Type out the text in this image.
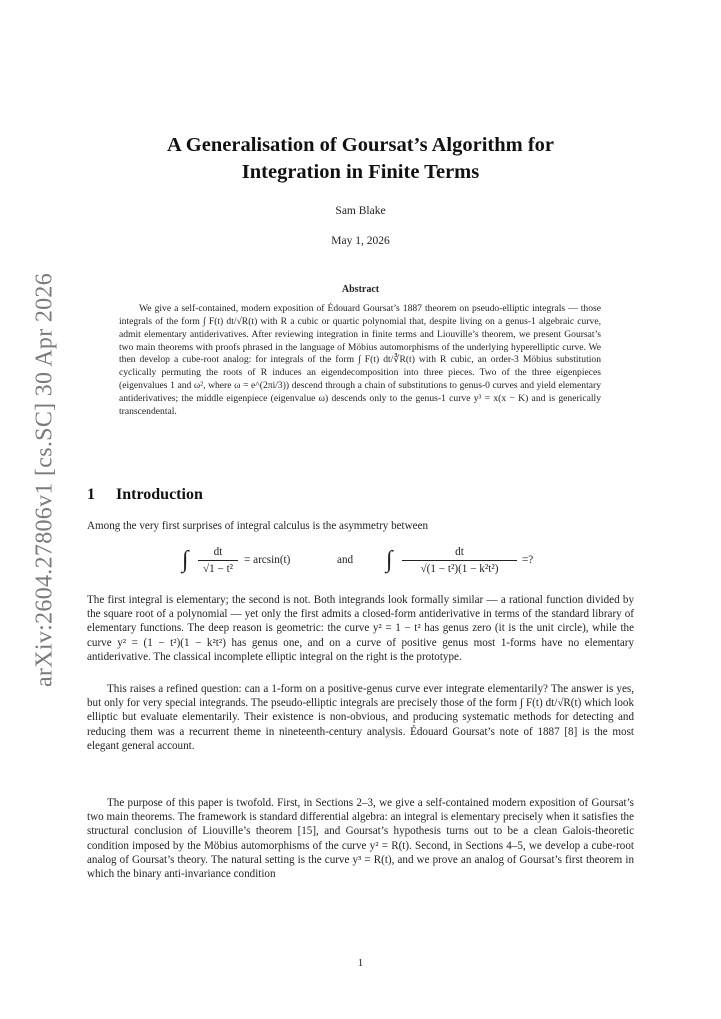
arXiv:2604.27806v1 [cs.SC] 30 Apr 2026
A Generalisation of Goursat’s Algorithm for
Integration in Finite Terms
Sam Blake
May 1, 2026
Abstract
We give a self-contained, modern exposition of Édouard Goursat’s 1887 theorem on pseudo-elliptic integrals — those integrals of the form ∫ F(t) dt/√R(t) with R a cubic or quartic polynomial that, despite living on a genus-1 algebraic curve, admit elementary antiderivatives. After reviewing integration in finite terms and Liouville’s theorem, we present Goursat’s two main theorems with proofs phrased in the language of Möbius automorphisms of the underlying hyperelliptic curve. We then develop a cube-root analog: for integrals of the form ∫ F(t) dt/∛R(t) with R cubic, an order-3 Möbius substitution cyclically permuting the roots of R induces an eigendecomposition into three pieces. Two of the three eigenpieces (eigenvalues 1 and ω², where ω = e^(2πi/3)) descend through a chain of substitutions to genus-0 curves and yield elementary antiderivatives; the middle eigenpiece (eigenvalue ω) descends only to the genus-1 curve y³ = x(x − K) and is generically transcendental.
1 Introduction
Among the very first surprises of integral calculus is the asymmetry between
∫ $\frac{dt}{\text{√1 − t²}} = \arcsin(t)$	and	∫ $\frac{dt}{\text{√(1 − t²)(1 − k²t²)}}$ =?
The first integral is elementary; the second is not. Both integrands look formally similar — a rational function divided by the square root of a polynomial — yet only the first admits a closed-form antiderivative in terms of the standard library of elementary functions. The deep reason is geometric: the curve y² = 1 − t² has genus zero (it is the unit circle), while the curve y² = (1 − t²)(1 − k²t²) has genus one, and on a curve of positive genus most 1-forms have no elementary antiderivative. The classical incomplete elliptic integral on the right is the prototype.
This raises a refined question: can a 1-form on a positive-genus curve ever integrate elementarily? The answer is yes, but only for very special integrands. The pseudo-elliptic integrals are precisely those of the form ∫ F(t) dt/√R(t) which look elliptic but evaluate elementarily. Their existence is non-obvious, and producing systematic methods for detecting and reducing them was a recurrent theme in nineteenth-century analysis. Édouard Goursat’s note of 1887 [8] is the most elegant general account.
The purpose of this paper is twofold. First, in Sections 2–3, we give a self-contained modern exposition of Goursat’s two main theorems. The framework is standard differential algebra: an integral is elementary precisely when it satisfies the structural conclusion of Liouville’s theorem [15], and Goursat’s hypothesis turns out to be a clean Galois-theoretic condition imposed by the Möbius automorphisms of the curve y² = R(t). Second, in Sections 4–5, we develop a cube-root analog of Goursat’s theory. The natural setting is the curve y³ = R(t), and we prove an analog of Goursat’s first theorem in which the binary anti-invariance condition
1
